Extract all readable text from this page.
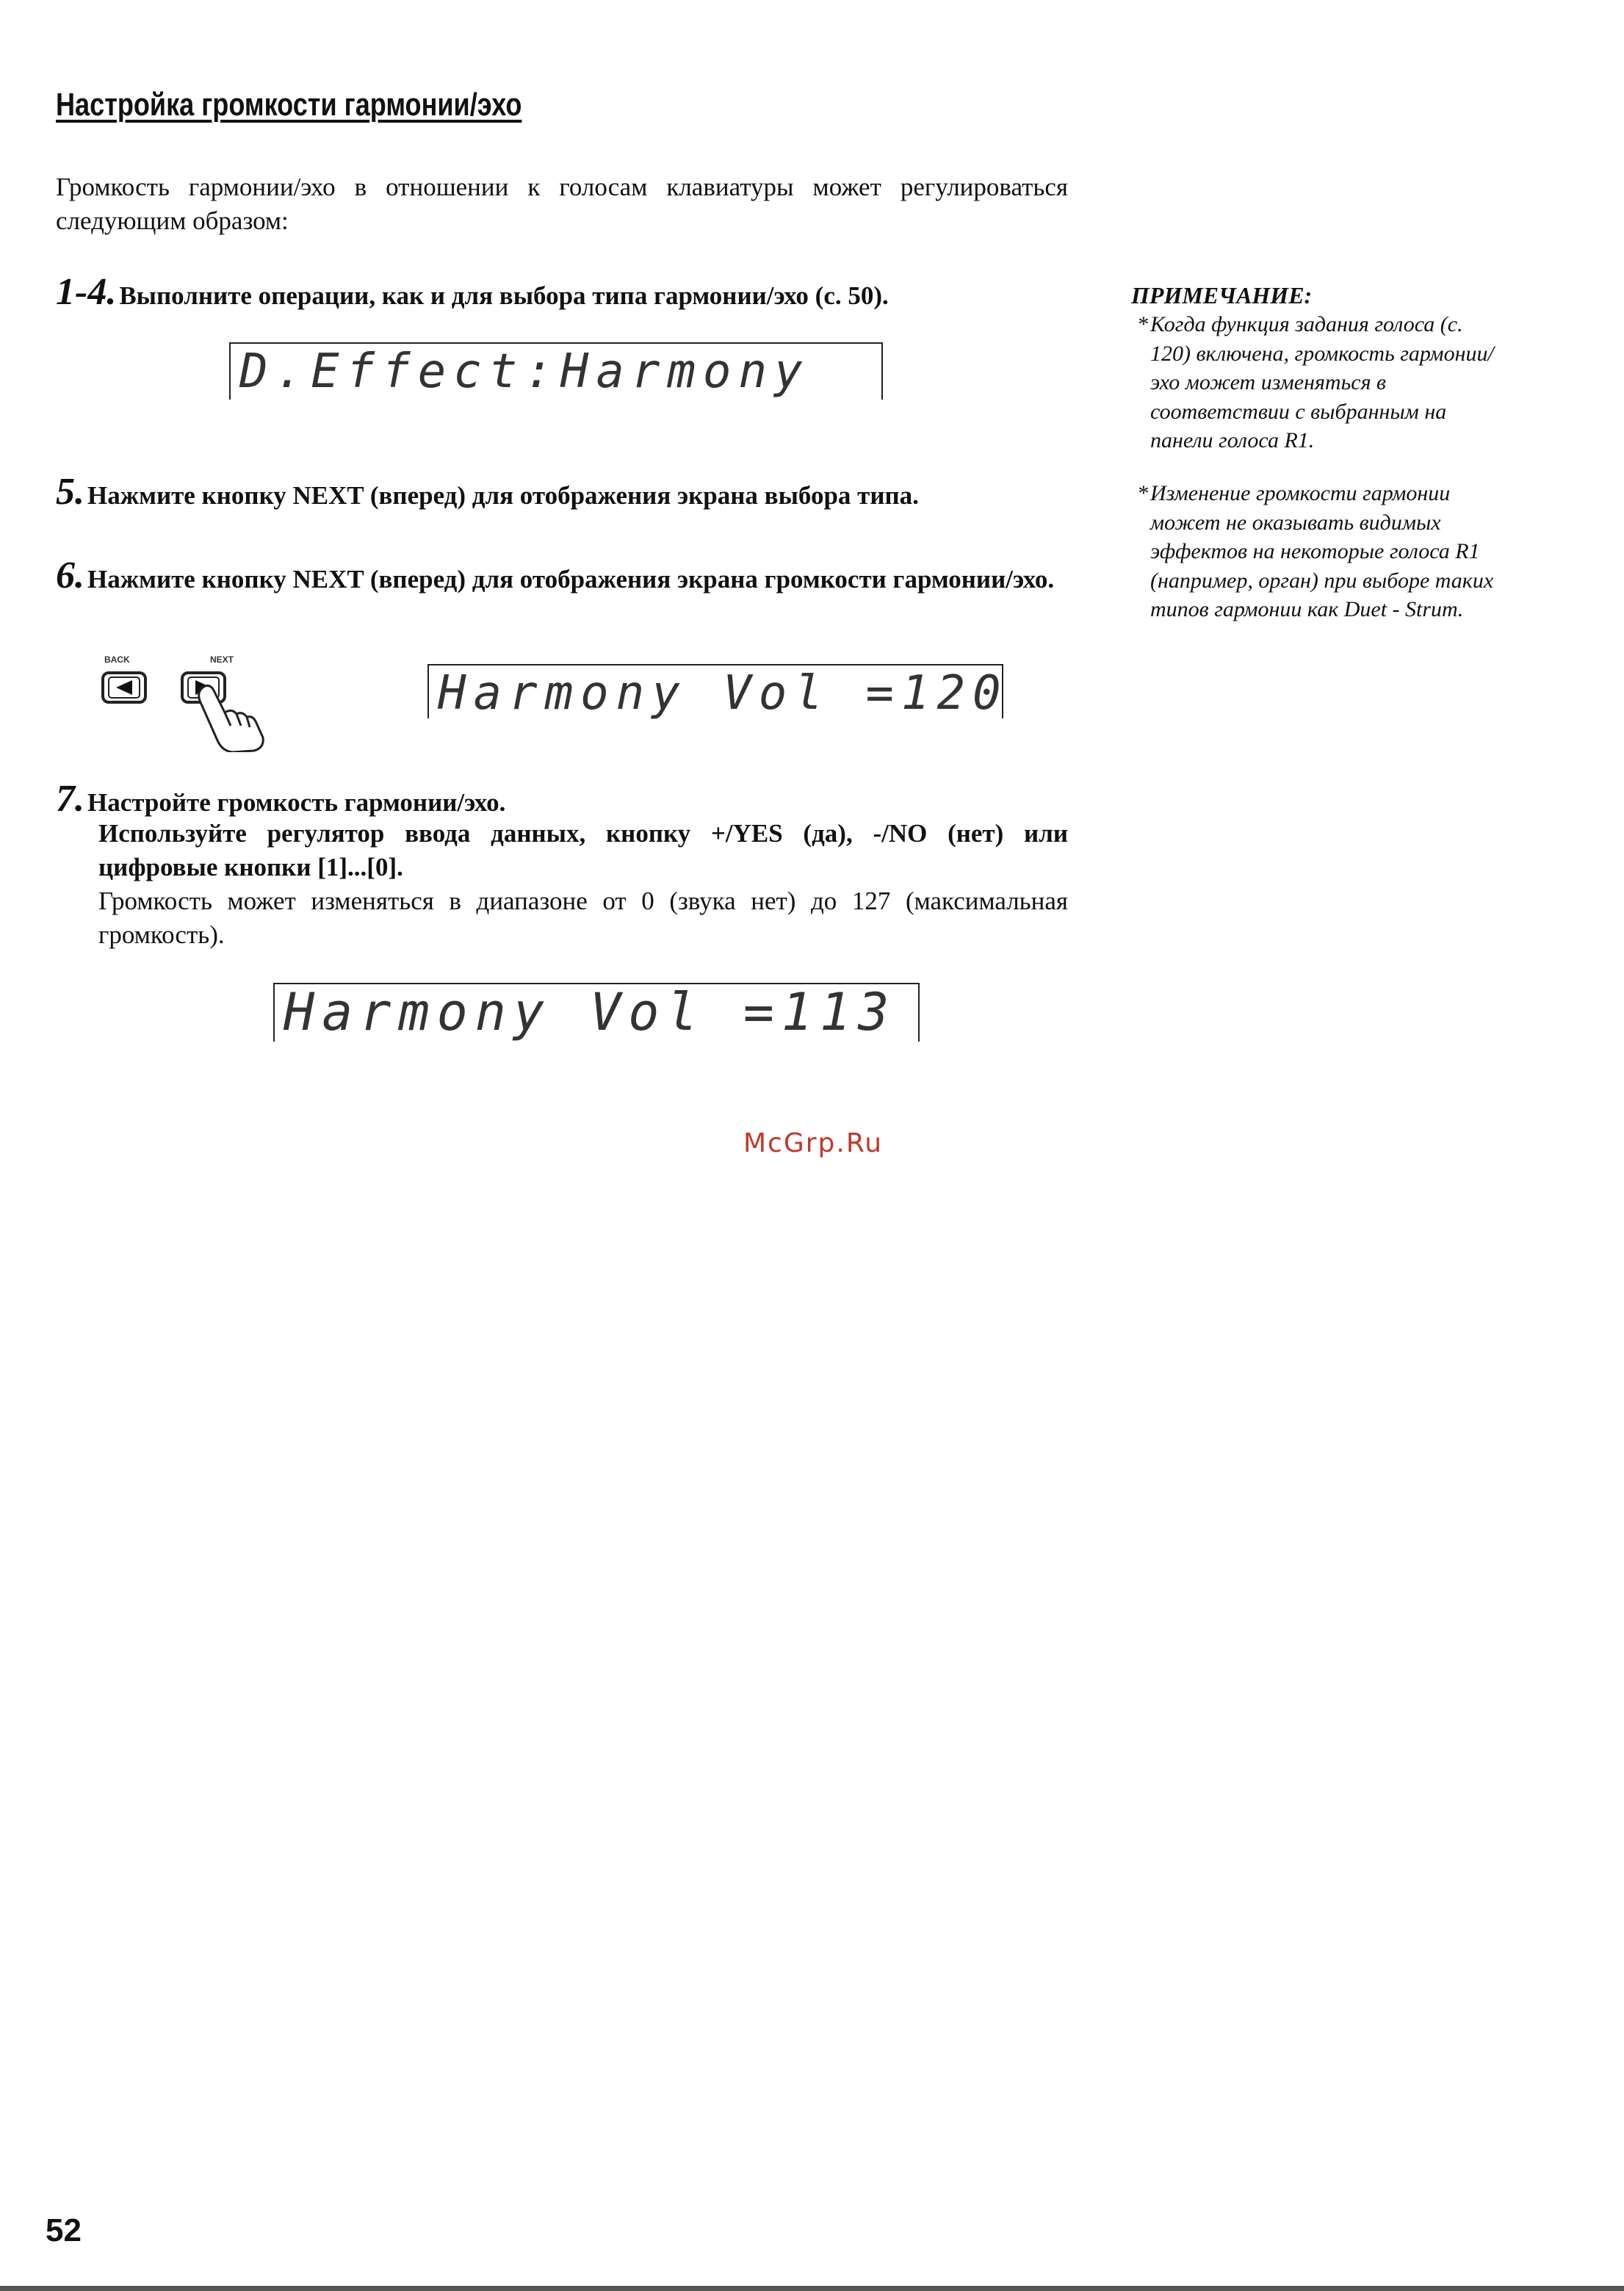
Настройка громкости гармонии/эхо
Громкость гармонии/эхо в отношении к голосам клавиатуры может регулироваться следующим образом:
1-4. Выполните операции, как и для выбора типа гармонии/эхо (с. 50).
D.Effect:Harmony
5. Нажмите кнопку NEXT (вперед) для отображения экрана выбора типа.
6. Нажмите кнопку NEXT (вперед) для отображения экрана громкости гармонии/эхо.
BACK	NEXT
Harmony Vol =120
7. Настройте громкость гармонии/эхо.
Используйте регулятор ввода данных, кнопку +/YES (да), -/NO (нет) или цифровые кнопки [1]...[0].
Громкость может изменяться в диапазоне от 0 (звука нет) до 127 (максимальная громкость).
Harmony Vol =113
ПРИМЕЧАНИЕ:
* Когда функция задания голоса (с. 120) включена, громкость гармонии/эхо может изменяться в соответствии с выбранным на панели голоса R1.
* Изменение громкости гармонии может не оказывать видимых эффектов на некоторые голоса R1 (например, орган) при выборе таких типов гармонии как Duet - Strum.
McGrp.Ru
52
